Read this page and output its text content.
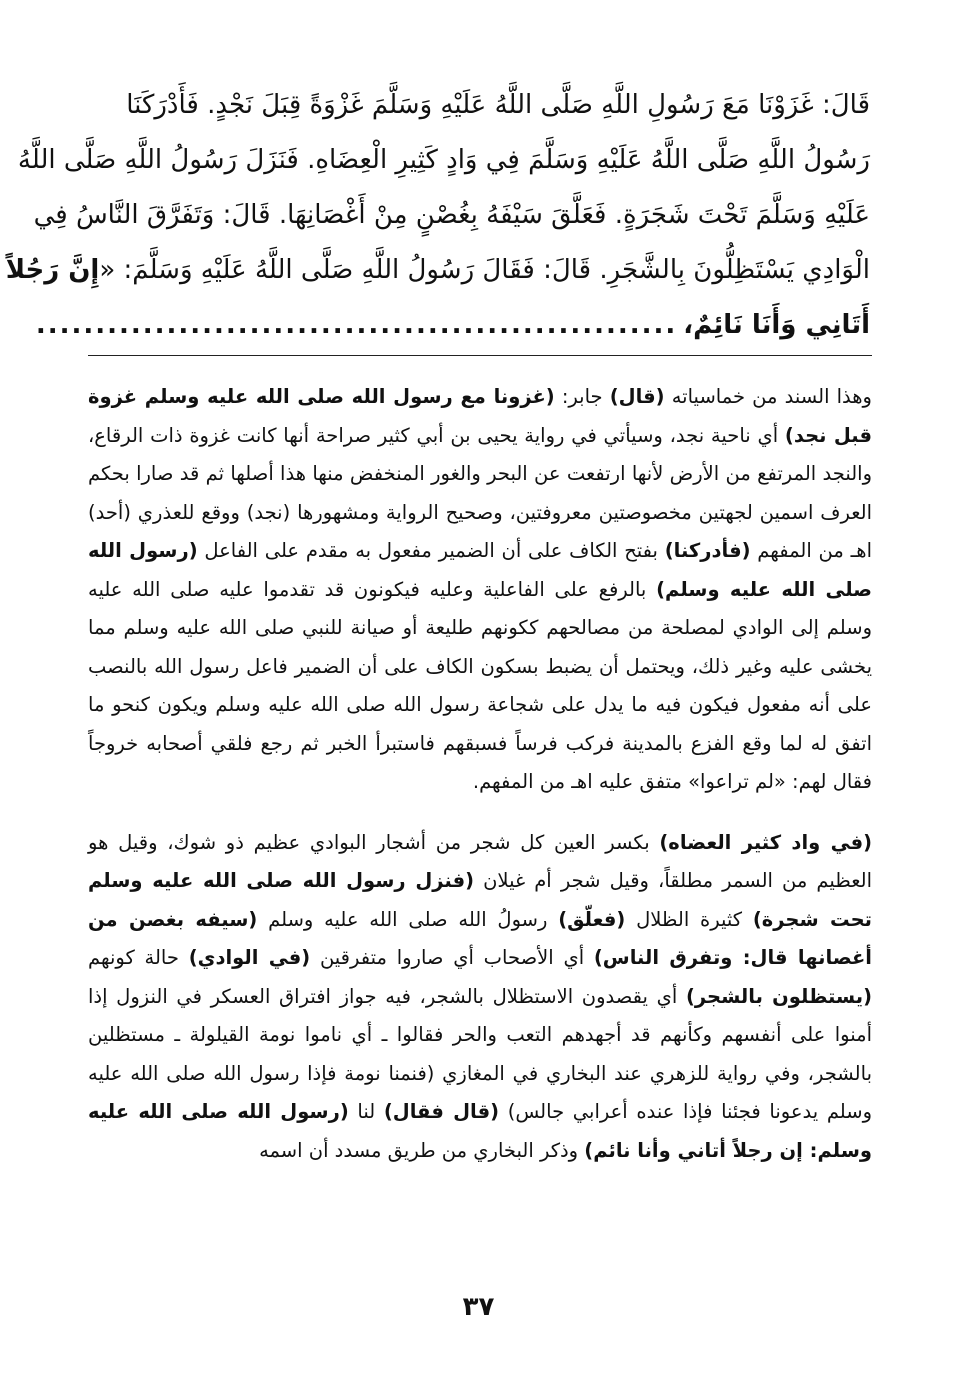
قَالَ: غَزَوْنَا مَعَ رَسُولِ اللَّهِ صَلَّى اللَّهُ عَلَيْهِ وَسَلَّمَ غَزْوَةً قِبَلَ نَجْدٍ. فَأَدْرَكَنَا
رَسُولُ اللَّهِ صَلَّى اللَّهُ عَلَيْهِ وَسَلَّمَ فِي وَادٍ كَثِيرِ الْعِضَاهِ. فَنَزَلَ رَسُولُ اللَّهِ صَلَّى اللَّهُ
عَلَيْهِ وَسَلَّمَ تَحْتَ شَجَرَةٍ. فَعَلَّقَ سَيْفَهُ بِغُصْنٍ مِنْ أَغْصَانِهَا. قَالَ: وَتَفَرَّقَ النَّاسُ فِي
الْوَادِي يَسْتَظِلُّونَ بِالشَّجَرِ. قَالَ: فَقَالَ رَسُولُ اللَّهِ صَلَّى اللَّهُ عَلَيْهِ وَسَلَّمَ: «إِنَّ رَجُلاً
أَتَانِي وَأَنَا نَائِمٌ،
......................................................

وهذا السند من خماسياته (قال) جابر: (غزونا مع رسول الله صلى الله عليه وسلم غزوة قبل نجد) أي ناحية نجد، وسيأتي في رواية يحيى بن أبي كثير صراحة أنها كانت غزوة ذات الرقاع، والنجد المرتفع من الأرض لأنها ارتفعت عن البحر والغور المنخفض منها هذا أصلها ثم قد صارا بحكم العرف اسمين لجهتين مخصوصتين معروفتين، وصحيح الرواية ومشهورها (نجد) ووقع للعذري (أحد) اهـ من المفهم (فأدركنا) بفتح الكاف على أن الضمير مفعول به مقدم على الفاعل (رسول الله صلى الله عليه وسلم) بالرفع على الفاعلية وعليه فيكونون قد تقدموا عليه صلى الله عليه وسلم إلى الوادي لمصلحة من مصالحهم ككونهم طليعة أو صيانة للنبي صلى الله عليه وسلم مما يخشى عليه وغير ذلك، ويحتمل أن يضبط بسكون الكاف على أن الضمير فاعل رسول الله بالنصب على أنه مفعول فيكون فيه ما يدل على شجاعة رسول الله صلى الله عليه وسلم ويكون كنحو ما اتفق له لما وقع الفزع بالمدينة فركب فرساً فسبقهم فاستبرأ الخبر ثم رجع فلقي أصحابه خروجاً فقال لهم: «لم تراعوا» متفق عليه اهـ من المفهم.

(في واد كثير العضاه) بكسر العين كل شجر من أشجار البوادي عظيم ذو شوك، وقيل هو العظيم من السمر مطلقاً، وقيل شجر أم غيلان (فنزل رسول الله صلى الله عليه وسلم تحت شجرة) كثيرة الظلال (فعلّق) رسولُ الله صلى الله عليه وسلم (سيفه بغصن من أغصانها قال: وتفرق الناس) أي الأصحاب أي صاروا متفرقين (في الوادي) حالة كونهم (يستظلون بالشجر) أي يقصدون الاستظلال بالشجر، فيه جواز افتراق العسكر في النزول إذا أمنوا على أنفسهم وكأنهم قد أجهدهم التعب والحر فقالوا ـ أي ناموا نومة القيلولة ـ مستظلين بالشجر، وفي رواية للزهري عند البخاري في المغازي (فنمنا نومة فإذا رسول الله صلى الله عليه وسلم يدعونا فجئنا فإذا عنده أعرابي جالس) (قال فقال) لنا (رسول الله صلى الله عليه وسلم: إن رجلاً أتاني وأنا نائم) وذكر البخاري من طريق مسدد أن اسمه

٣٧
